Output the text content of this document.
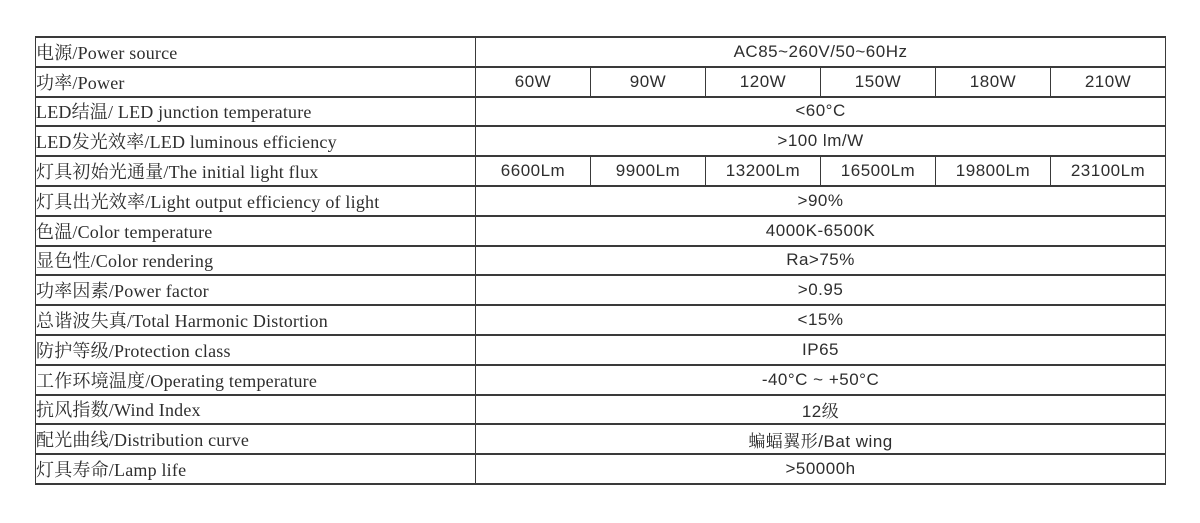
电源/Power source	AC85~260V/50~60Hz					
功率/Power	60W	90W	120W	150W	180W	210W
LED结温/ LED junction temperature	<60°C					
LED发光效率/LED luminous efficiency	>100 lm/W					
灯具初始光通量/The initial light flux	6600Lm	9900Lm	13200Lm	16500Lm	19800Lm	23100Lm
灯具出光效率/Light output efficiency of light	>90%					
色温/Color temperature	4000K-6500K					
显色性/Color rendering	Ra>75%					
功率因素/Power factor	>0.95					
总谐波失真/Total Harmonic Distortion	<15%					
防护等级/Protection class	IP65					
工作环境温度/Operating temperature	-40°C ~ +50°C					
抗风指数/Wind Index	12级					
配光曲线/Distribution curve	蝙蝠翼形/Bat wing					
灯具寿命/Lamp life	>50000h					
